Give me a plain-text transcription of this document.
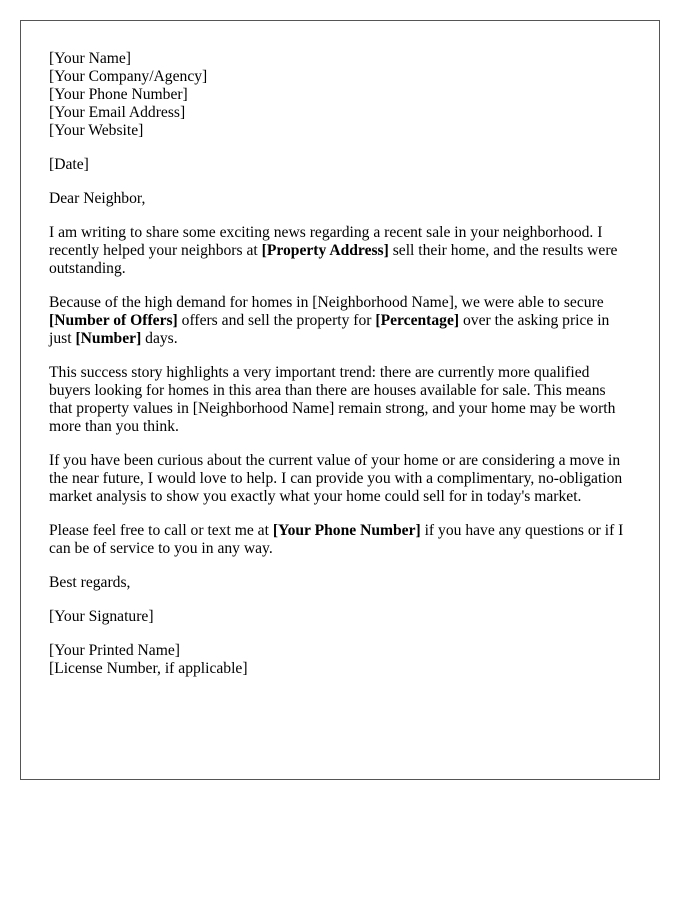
[Your Name]
[Your Company/Agency]
[Your Phone Number]
[Your Email Address]
[Your Website]

[Date]

Dear Neighbor,

I am writing to share some exciting news regarding a recent sale in your neighborhood. I recently helped your neighbors at [Property Address] sell their home, and the results were outstanding.

Because of the high demand for homes in [Neighborhood Name], we were able to secure [Number of Offers] offers and sell the property for [Percentage] over the asking price in just [Number] days.

This success story highlights a very important trend: there are currently more qualified buyers looking for homes in this area than there are houses available for sale. This means that property values in [Neighborhood Name] remain strong, and your home may be worth more than you think.

If you have been curious about the current value of your home or are considering a move in the near future, I would love to help. I can provide you with a complimentary, no-obligation market analysis to show you exactly what your home could sell for in today's market.

Please feel free to call or text me at [Your Phone Number] if you have any questions or if I can be of service to you in any way.

Best regards,

[Your Signature]

[Your Printed Name]
[License Number, if applicable]
